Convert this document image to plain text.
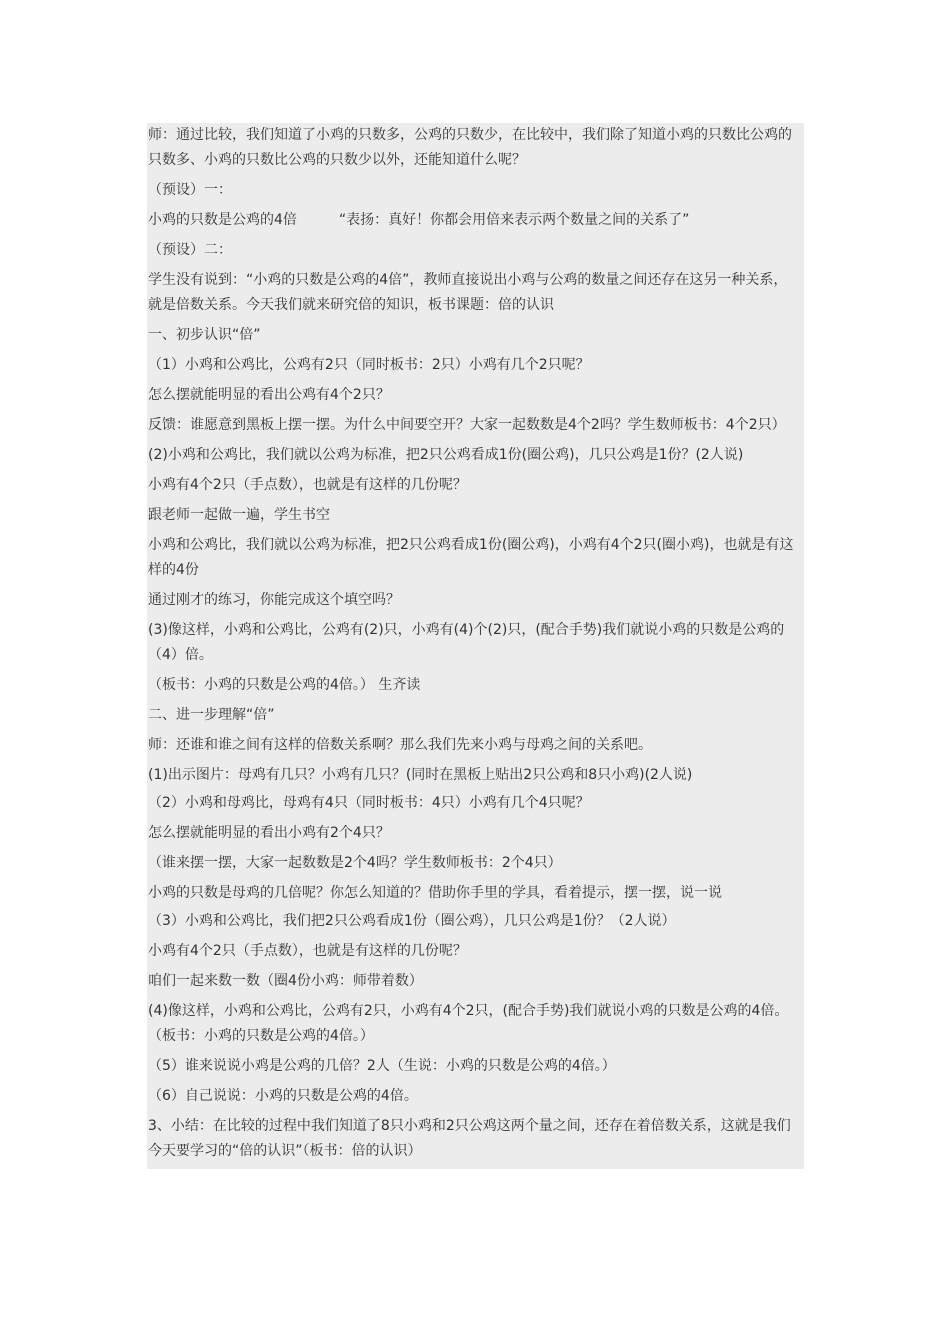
师：通过比较，我们知道了小鸡的只数多，公鸡的只数少，在比较中，我们除了知道小鸡的只数比公鸡的只数多、小鸡的只数比公鸡的只数少以外，还能知道什么呢？
（预设）一：
小鸡的只数是公鸡的4倍　　　“表扬：真好！你都会用倍来表示两个数量之间的关系了”
（预设）二：
学生没有说到：“小鸡的只数是公鸡的4倍”，教师直接说出小鸡与公鸡的数量之间还存在这另一种关系，就是倍数关系。今天我们就来研究倍的知识，板书课题：倍的认识
一、初步认识“倍”
（1）小鸡和公鸡比，公鸡有2只（同时板书：2只）小鸡有几个2只呢？
怎么摆就能明显的看出公鸡有4个2只？
反馈：谁愿意到黑板上摆一摆。为什么中间要空开？大家一起数数是4个2吗？学生数师板书：4个2只）
(2)小鸡和公鸡比，我们就以公鸡为标准，把2只公鸡看成1份(圈公鸡)，几只公鸡是1份？(2人说)
小鸡有4个2只（手点数），也就是有这样的几份呢？
跟老师一起做一遍，学生书空
小鸡和公鸡比，我们就以公鸡为标准，把2只公鸡看成1份(圈公鸡)，小鸡有4个2只(圈小鸡)，也就是有这样的4份
通过刚才的练习，你能完成这个填空吗？
(3)像这样，小鸡和公鸡比，公鸡有(2)只，小鸡有(4)个(2)只，(配合手势)我们就说小鸡的只数是公鸡的（4）倍。
（板书：小鸡的只数是公鸡的4倍。） 生齐读
二、进一步理解“倍”
师：还谁和谁之间有这样的倍数关系啊？那么我们先来小鸡与母鸡之间的关系吧。
(1)出示图片：母鸡有几只？小鸡有几只？(同时在黑板上贴出2只公鸡和8只小鸡)(2人说)
（2）小鸡和母鸡比，母鸡有4只（同时板书：4只）小鸡有几个4只呢？
怎么摆就能明显的看出小鸡有2个4只？
（谁来摆一摆，大家一起数数是2个4吗？学生数师板书：2个4只）
小鸡的只数是母鸡的几倍呢？你怎么知道的？借助你手里的学具，看着提示，摆一摆，说一说
（3）小鸡和公鸡比，我们把2只公鸡看成1份（圈公鸡），几只公鸡是1份？（2人说）
小鸡有4个2只（手点数），也就是有这样的几份呢？
咱们一起来数一数（圈4份小鸡：师带着数）
(4)像这样，小鸡和公鸡比，公鸡有2只，小鸡有4个2只，(配合手势)我们就说小鸡的只数是公鸡的4倍。（板书：小鸡的只数是公鸡的4倍。）
（5）谁来说说小鸡是公鸡的几倍？2人（生说：小鸡的只数是公鸡的4倍。）
（6）自己说说：小鸡的只数是公鸡的4倍。
3、小结：在比较的过程中我们知道了8只小鸡和2只公鸡这两个量之间，还存在着倍数关系，这就是我们今天要学习的“倍的认识”（板书：倍的认识）
